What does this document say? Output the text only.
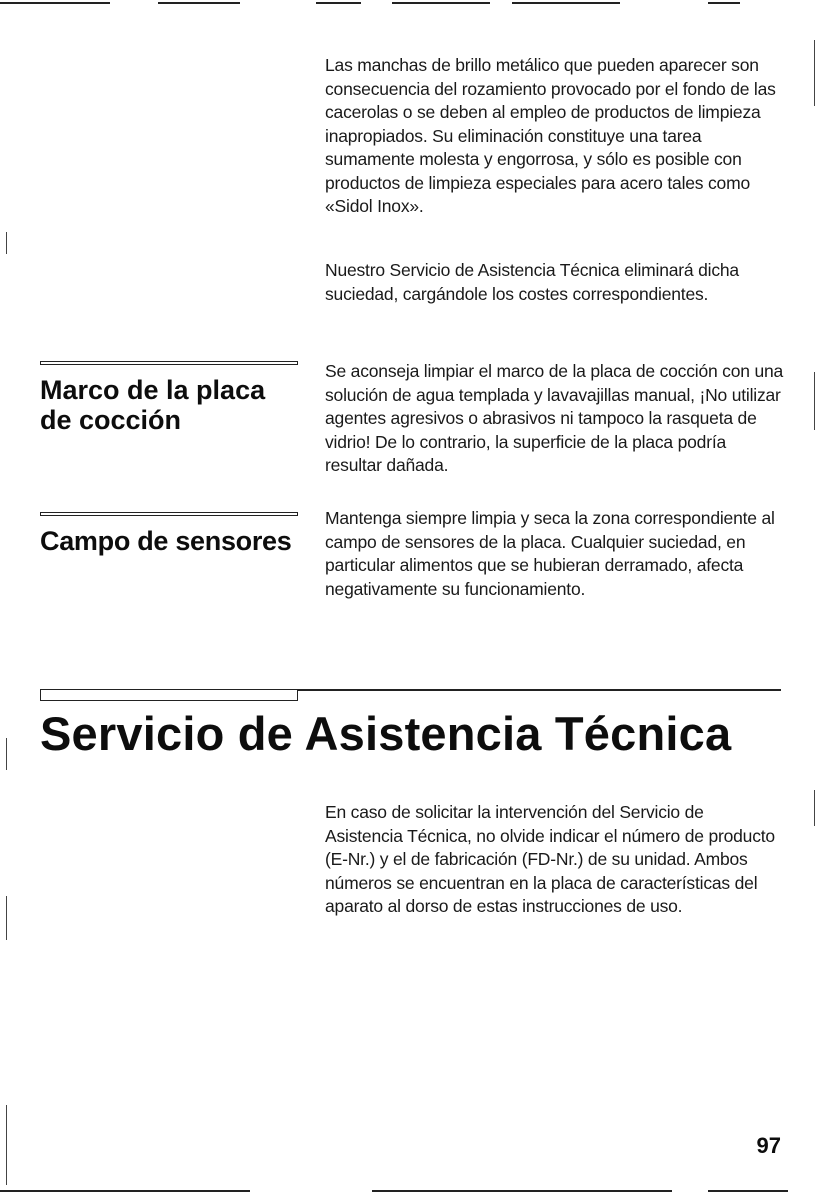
Las manchas de brillo metálico que pueden aparecer son consecuencia del rozamiento provocado por el fondo de las cacerolas o se deben al empleo de productos de limpieza inapropiados. Su eliminación constituye una tarea sumamente molesta y engorrosa, y sólo es posible con productos de limpieza especiales para acero tales como «Sidol Inox».

Nuestro Servicio de Asistencia Técnica eliminará dicha suciedad, cargándole los costes correspondientes.

Marco de la placa de cocción

Se aconseja limpiar el marco de la placa de cocción con una solución de agua templada y lavavajillas manual, ¡No utilizar agentes agresivos o abrasivos ni tampoco la rasqueta de vidrio! De lo contrario, la superficie de la placa podría resultar dañada.

Campo de sensores

Mantenga siempre limpia y seca la zona correspondiente al campo de sensores de la placa. Cualquier suciedad, en particular alimentos que se hubieran derramado, afecta negativamente su funcionamiento.

Servicio de Asistencia Técnica

En caso de solicitar la intervención del Servicio de Asistencia Técnica, no olvide indicar el número de producto (E-Nr.) y el de fabricación (FD-Nr.) de su unidad. Ambos números se encuentran en la placa de características del aparato al dorso de estas instrucciones de uso.

97
